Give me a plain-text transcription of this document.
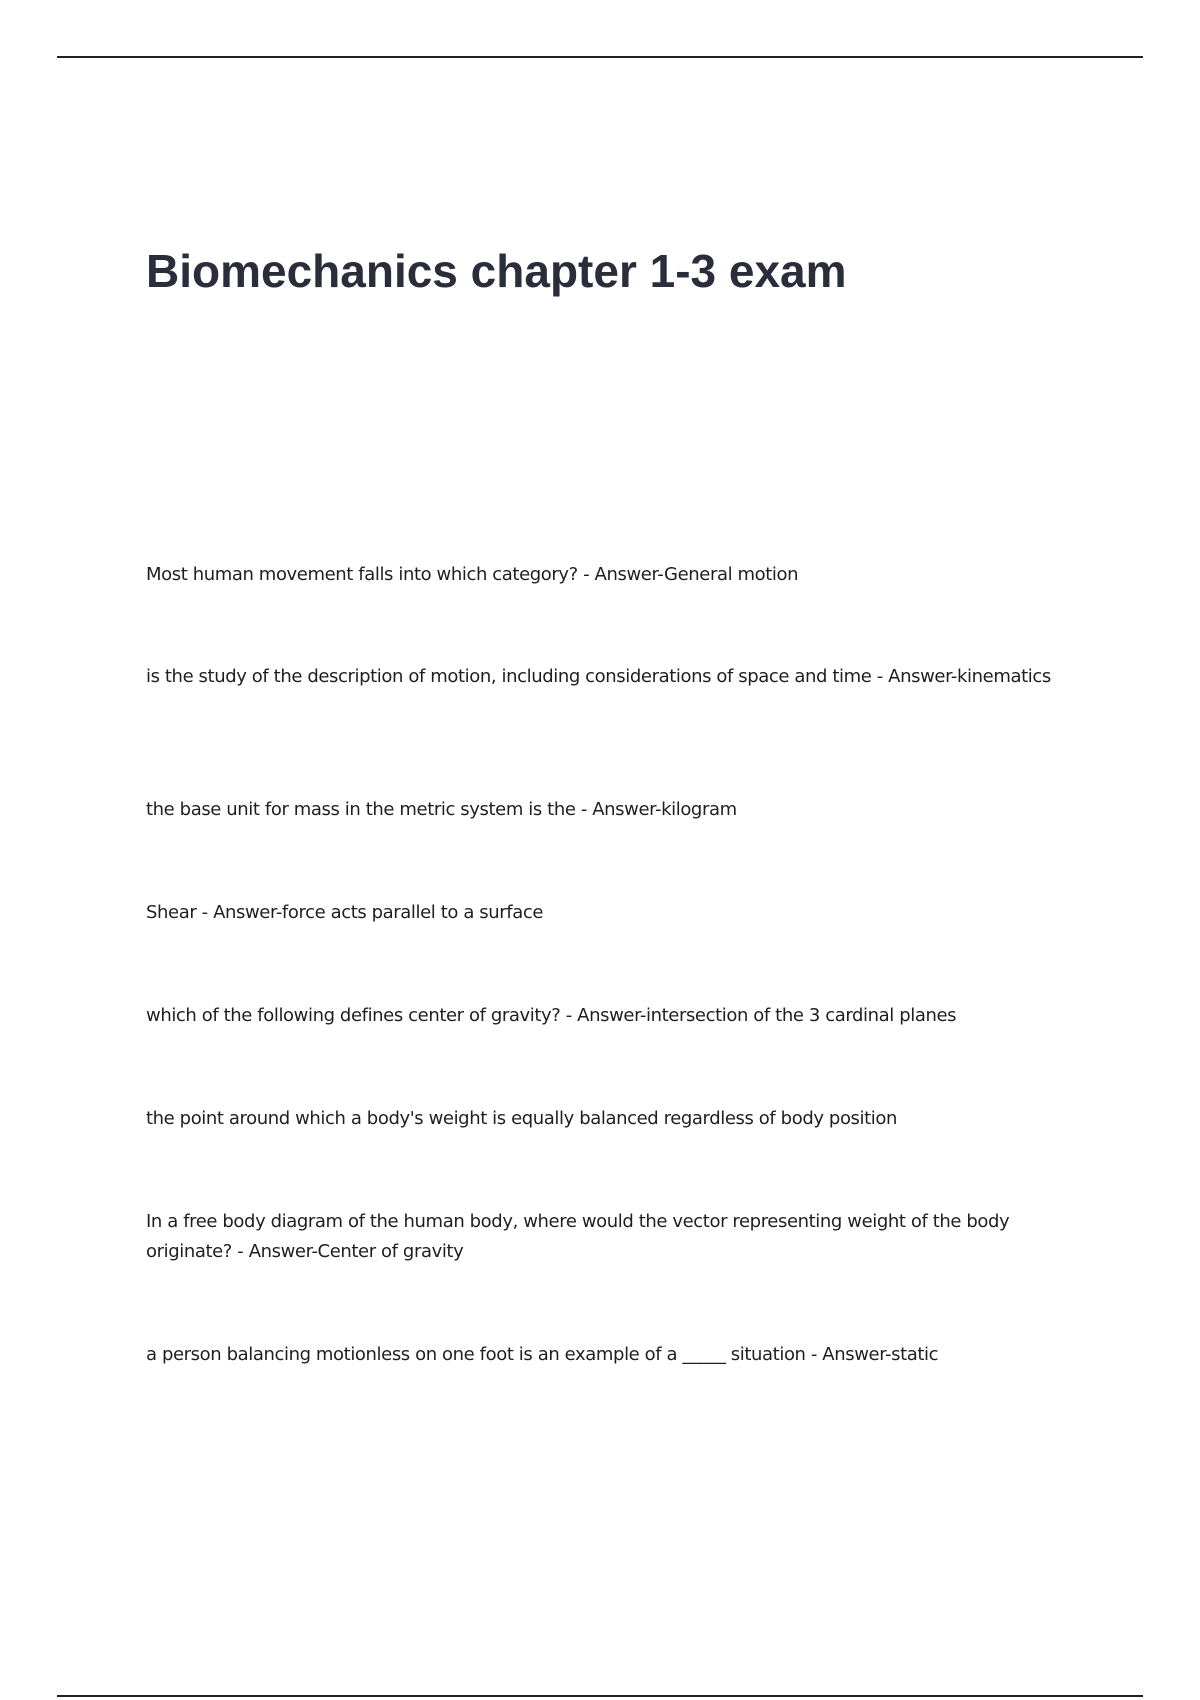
Biomechanics chapter 1-3 exam

Most human movement falls into which category? - Answer-General motion

is the study of the description of motion, including considerations of space and time - Answer-kinematics

the base unit for mass in the metric system is the - Answer-kilogram

Shear - Answer-force acts parallel to a surface

which of the following defines center of gravity? - Answer-intersection of the 3 cardinal planes

the point around which a body's weight is equally balanced regardless of body position

In a free body diagram of the human body, where would the vector representing weight of the body originate? - Answer-Center of gravity

a person balancing motionless on one foot is an example of a _____ situation - Answer-static
